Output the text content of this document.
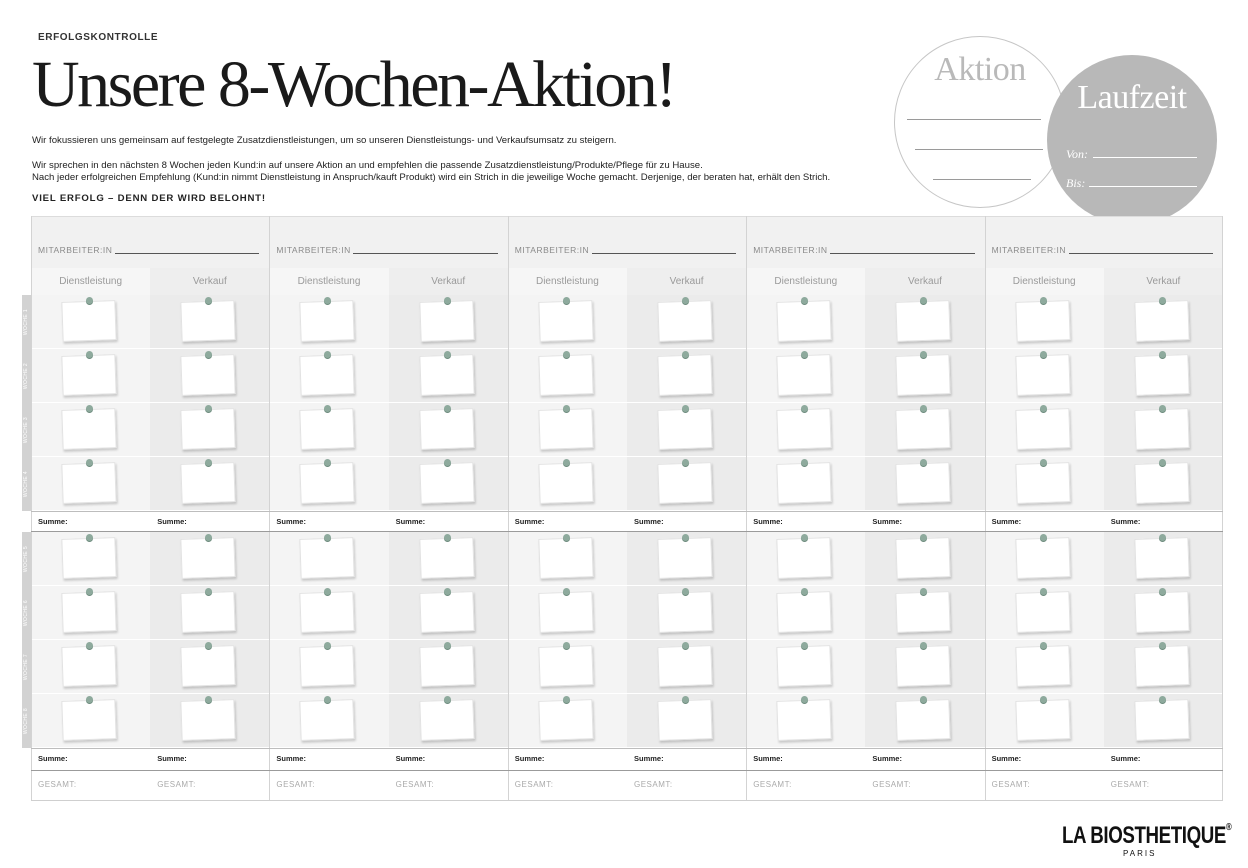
ERFOLGSKONTROLLE
Unsere 8-Wochen-Aktion!
Wir fokussieren uns gemeinsam auf festgelegte Zusatzdienstleistungen, um so unseren Dienstleistungs- und Verkaufsumsatz zu steigern.
Wir sprechen in den nächsten 8 Wochen jeden Kund:in auf unsere Aktion an und empfehlen die passende Zusatzdienstleistung/Produkte/Pflege für zu Hause.
Nach jeder erfolgreichen Empfehlung (Kund:in nimmt Dienstleistung in Anspruch/kauft Produkt) wird ein Strich in die jeweilige Woche gemacht. Derjenige, der beraten hat, erhält den Strich.
VIEL ERFOLG – DENN DER WIRD BELOHNT!
Aktion
Laufzeit
Von:
Bis:
MITARBEITER:IN
Dienstleistung
Summe:
Summe:
GESAMT:
Verkauf
Summe:
Summe:
GESAMT:
MITARBEITER:IN
Dienstleistung
Summe:
Summe:
GESAMT:
Verkauf
Summe:
Summe:
GESAMT:
MITARBEITER:IN
Dienstleistung
Summe:
Summe:
GESAMT:
Verkauf
Summe:
Summe:
GESAMT:
MITARBEITER:IN
Dienstleistung
Summe:
Summe:
GESAMT:
Verkauf
Summe:
Summe:
GESAMT:
MITARBEITER:IN
Dienstleistung
Summe:
Summe:
GESAMT:
Verkauf
Summe:
Summe:
GESAMT:
WOCHE 1
WOCHE 2
WOCHE 3
WOCHE 4
WOCHE 5
WOCHE 6
WOCHE 7
WOCHE 8
LA BIOSTHETIQUE®
PARIS
